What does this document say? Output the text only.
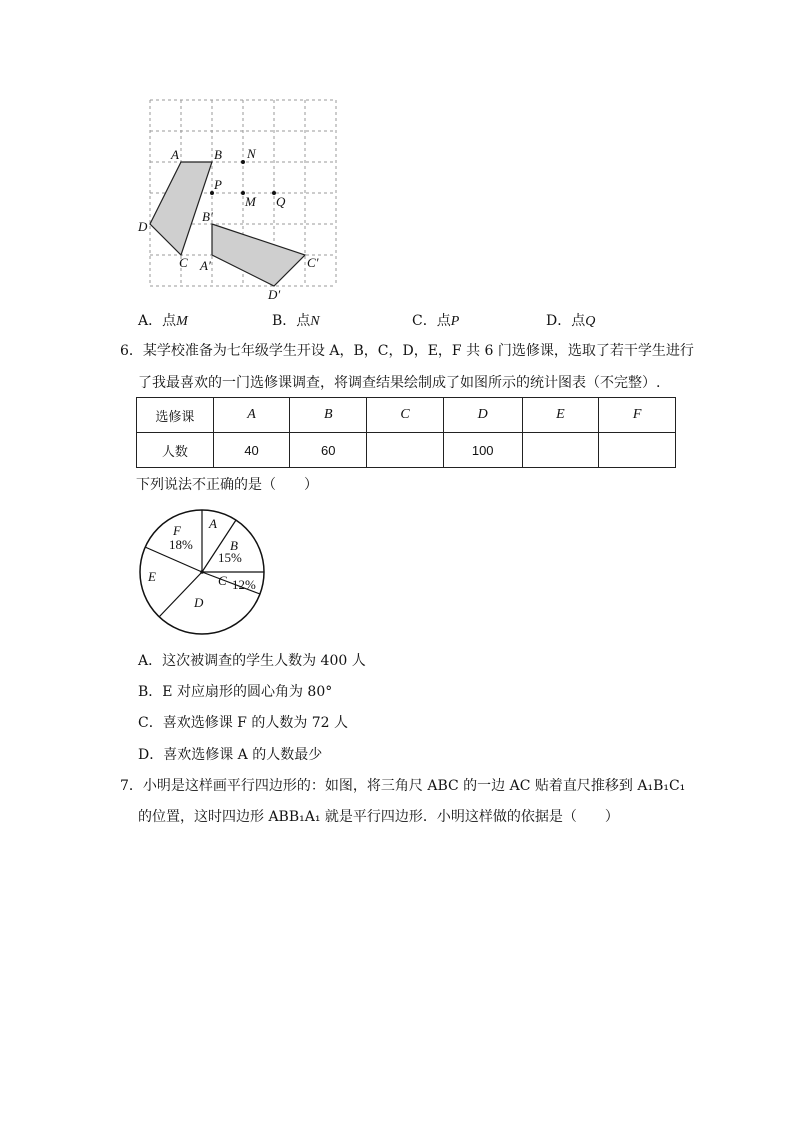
A	B N
P
M Q
D
C
B′
A′	C′
D′
A．点M	B．点N	C．点P	D．点Q
6．某学校准备为七年级学生开设 A，B，C，D，E，F 共 6 门选修课，选取了若干学生进行
了我最喜欢的一门选修课调查，将调查结果绘制成了如图所示的统计图表（不完整）.
选修课	A	B	C	D	E	F
人数	40	60		100		
下列说法不正确的是（　　）
A
B
15%
C 12%
D
E
F
18%
A．这次被调查的学生人数为 400 人
B．E 对应扇形的圆心角为 80°
C．喜欢选修课 F 的人数为 72 人
D．喜欢选修课 A 的人数最少
7．小明是这样画平行四边形的：如图，将三角尺 ABC 的一边 AC 贴着直尺推移到 A₁B₁C₁
的位置，这时四边形 ABB₁A₁ 就是平行四边形．小明这样做的依据是（　　）
